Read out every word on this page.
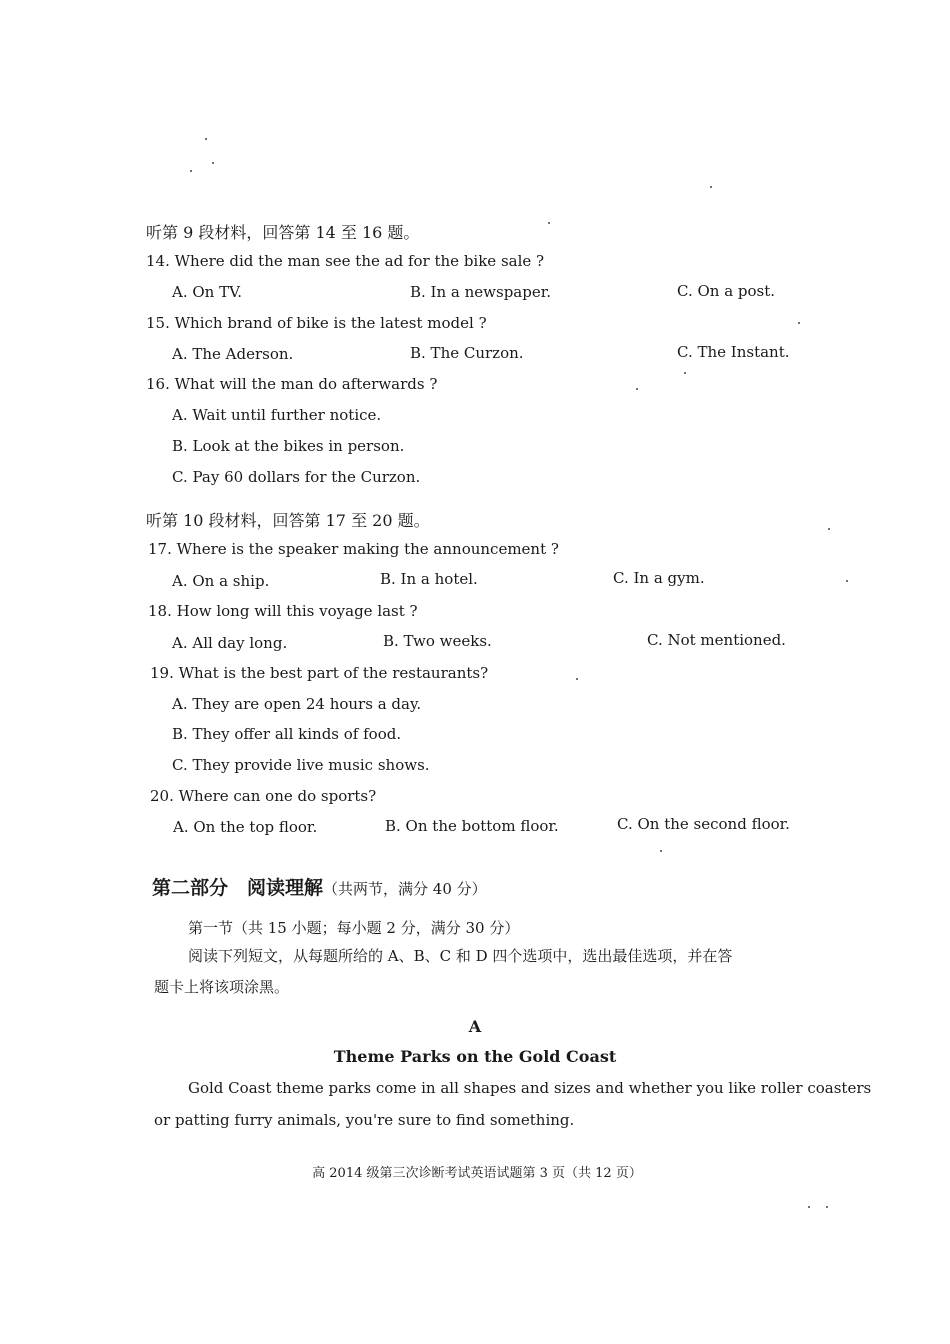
听第 9 段材料，回答第 14 至 16 题。
14. Where did the man see the ad for the bike sale ?
A. On TV.	B. In a newspaper.	C. On a post.
15. Which brand of bike is the latest model ?
A. The Aderson.	B. The Curzon.	C. The Instant.
16. What will the man do afterwards ?
A. Wait until further notice.
B. Look at the bikes in person.
C. Pay 60 dollars for the Curzon.
听第 10 段材料，回答第 17 至 20 题。
17. Where is the speaker making the announcement ?
A. On a ship.	B. In a hotel.	C. In a gym.
18. How long will this voyage last ?
A. All day long.	B. Two weeks.	C. Not mentioned.
19. What is the best part of the restaurants?
A. They are open 24 hours a day.
B. They offer all kinds of food.
C. They provide live music shows.
20. Where can one do sports?
A. On the top floor.	B. On the bottom floor.	C. On the second floor.
第二部分　阅读理解（共两节，满分 40 分）
第一节（共 15 小题；每小题 2 分，满分 30 分）
阅读下列短文，从每题所给的 A、B、C 和 D 四个选项中，选出最佳选项，并在答
题卡上将该项涂黑。
A
Theme Parks on the Gold Coast
Gold Coast theme parks come in all shapes and sizes and whether you like roller coasters
or patting furry animals, you're sure to find something.
高 2014 级第三次诊断考试英语试题第 3 页（共 12 页）
